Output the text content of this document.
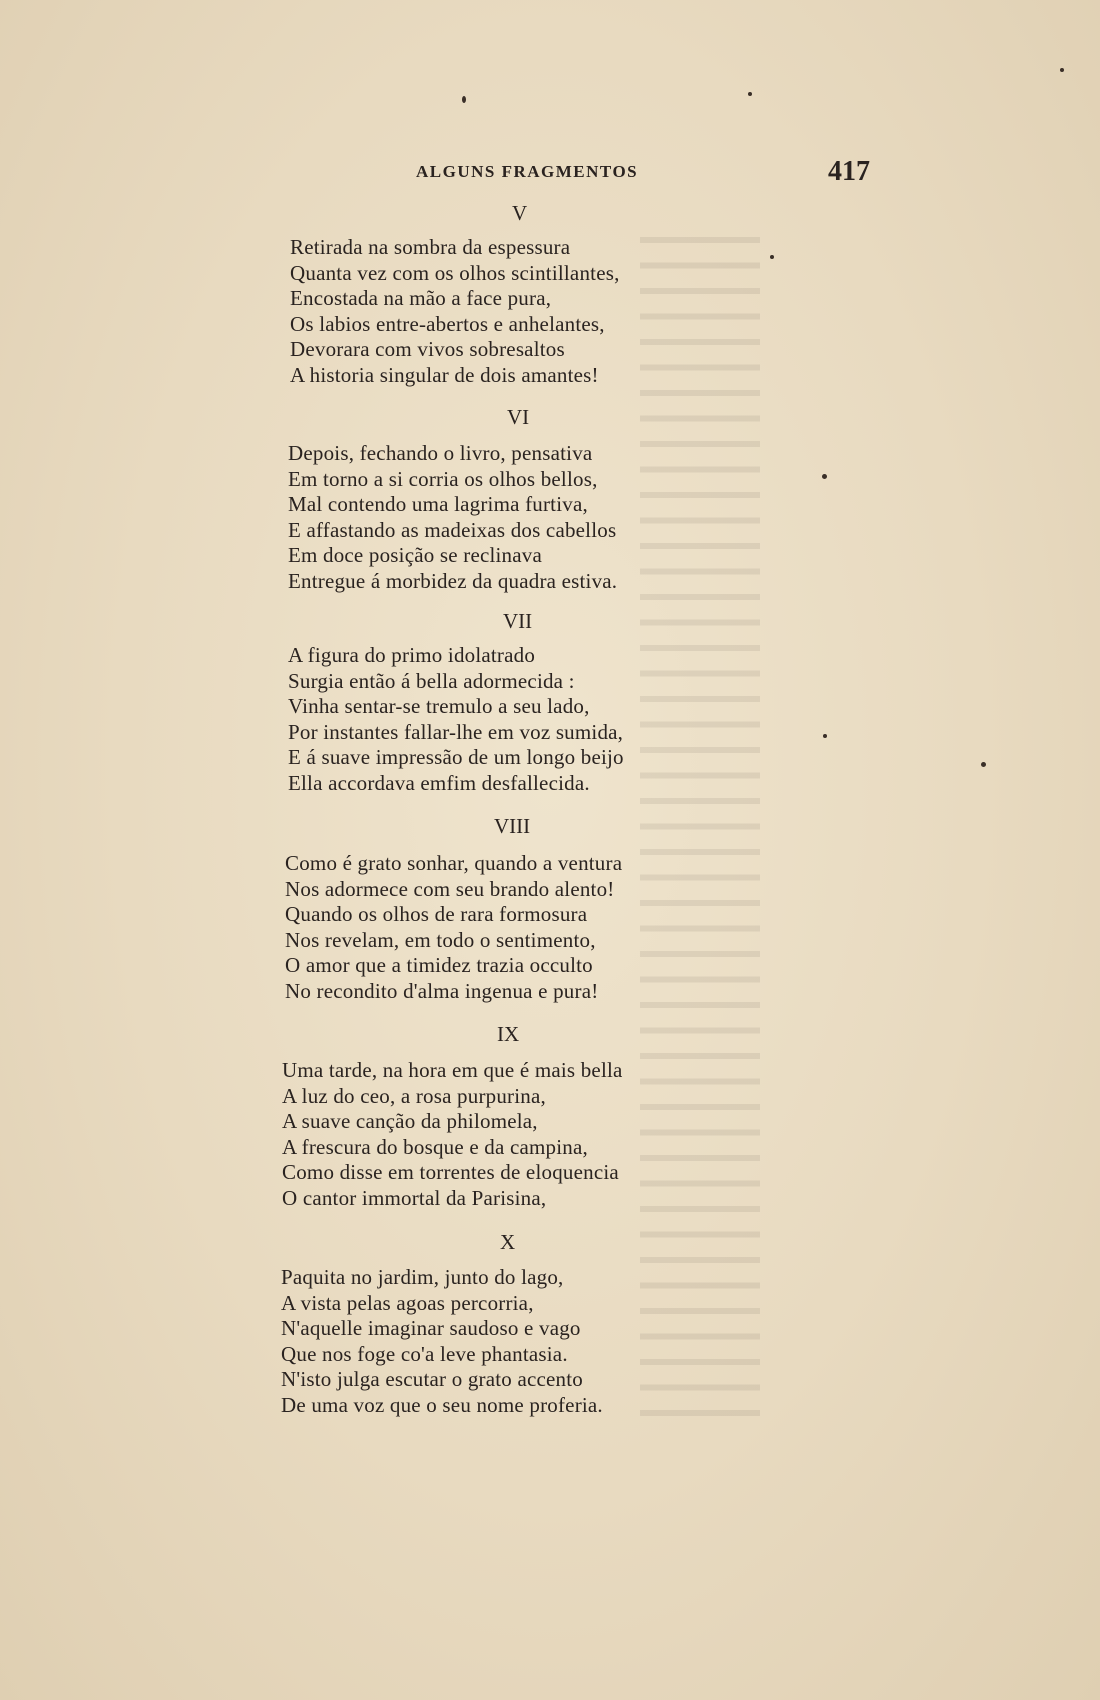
ALGUNS FRAGMENTOS	417
V
Retirada na sombra da espessura
Quanta vez com os olhos scintillantes,
Encostada na mão a face pura,
Os labios entre-abertos e anhelantes,
Devorara com vivos sobresaltos
A historia singular de dois amantes!
VI
Depois, fechando o livro, pensativa
Em torno a si corria os olhos bellos,
Mal contendo uma lagrima furtiva,
E affastando as madeixas dos cabellos
Em doce posição se reclinava
Entregue á morbidez da quadra estiva.
VII
A figura do primo idolatrado
Surgia então á bella adormecida :
Vinha sentar-se tremulo a seu lado,
Por instantes fallar-lhe em voz sumida,
E á suave impressão de um longo beijo
Ella accordava emfim desfallecida.
VIII
Como é grato sonhar, quando a ventura
Nos adormece com seu brando alento!
Quando os olhos de rara formosura
Nos revelam, em todo o sentimento,
O amor que a timidez trazia occulto
No recondito d'alma ingenua e pura!
IX
Uma tarde, na hora em que é mais bella
A luz do ceo, a rosa purpurina,
A suave canção da philomela,
A frescura do bosque e da campina,
Como disse em torrentes de eloquencia
O cantor immortal da Parisina,
X
Paquita no jardim, junto do lago,
A vista pelas agoas percorria,
N'aquelle imaginar saudoso e vago
Que nos foge co'a leve phantasia.
N'isto julga escutar o grato accento
De uma voz que o seu nome proferia.
